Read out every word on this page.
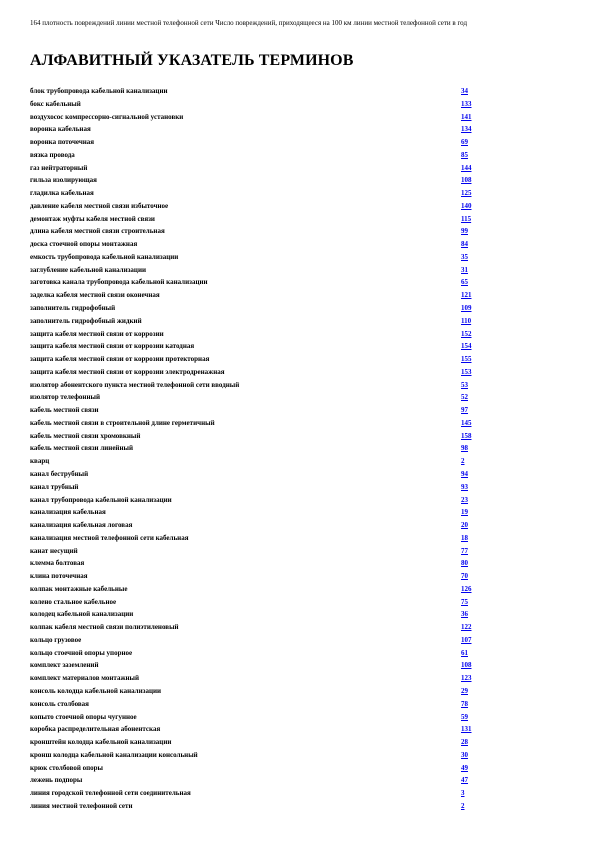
164 плотность повреждений линии местной телефонной сети Число повреждений, приходящееся на 100 км линии местной телефонной сети в год
АЛФАВИТНЫЙ УКАЗАТЕЛЬ ТЕРМИНОВ
блок трубопровода кабельной канализации	34
бокс кабельный	133
воздухосос компрессорно-сигнальной установки	141
воронка кабельная	134
воронка поточечная	69
вязка провода	85
газ нейтраторный	144
гильза изолирующая	108
гладилка кабельная	125
давление кабеля местной связи избыточное	140
демонтаж муфты кабеля местной связи	115
длина кабеля местной связи строительная	99
доска стоечной опоры монтажная	84
емкость трубопровода кабельной канализации	35
заглубление кабельной канализации	31
заготовка канала трубопровода кабельной канализации	65
заделка кабеля местной связи оконечная	121
заполнитель гидрофобный	109
заполнитель гидрофобный жидкий	110
защита кабеля местной связи от коррозии	152
защита кабеля местной связи от коррозии катодная	154
защита кабеля местной связи от коррозии протекторная	155
защита кабеля местной связи от коррозии электродренажная	153
изолятор абонентского пункта местной телефонной сети вводный	53
изолятор телефонный	52
кабель местной связи	97
кабель местной связи в строительной длине герметичный	145
кабель местной связи хромовкный	158
кабель местной связи линейный	98
кварц	2
канал беструбный	94
канал трубный	93
канал трубопровода кабельной канализации	23
канализация кабельная	19
канализация кабельная логовая	20
канализация местной телефонной сети кабельная	18
канат несущий	77
клемма болтовая	80
клина поточечная	70
колпак монтажные кабельные	126
колено стальное кабельное	75
колодец кабельной канализации	36
колпак кабеля местной связи полиэтиленовый	122
кольцо грузовое	107
кольцо стоечной опоры упорное	61
комплект заземлений	108
комплект материалов монтажный	123
консоль колодца кабельной канализации	29
консоль столбовая	78
копыто стоечной опоры чугунное	59
коробка распределительная абонентская	131
кронштейн колодца кабельной канализации	28
кронш колодца кабельной канализации консольный	30
крюк столбовой опоры	49
лежень подпоры	47
линия городской телефонной сети соединительная	3
линия местной телефонной сети	2
